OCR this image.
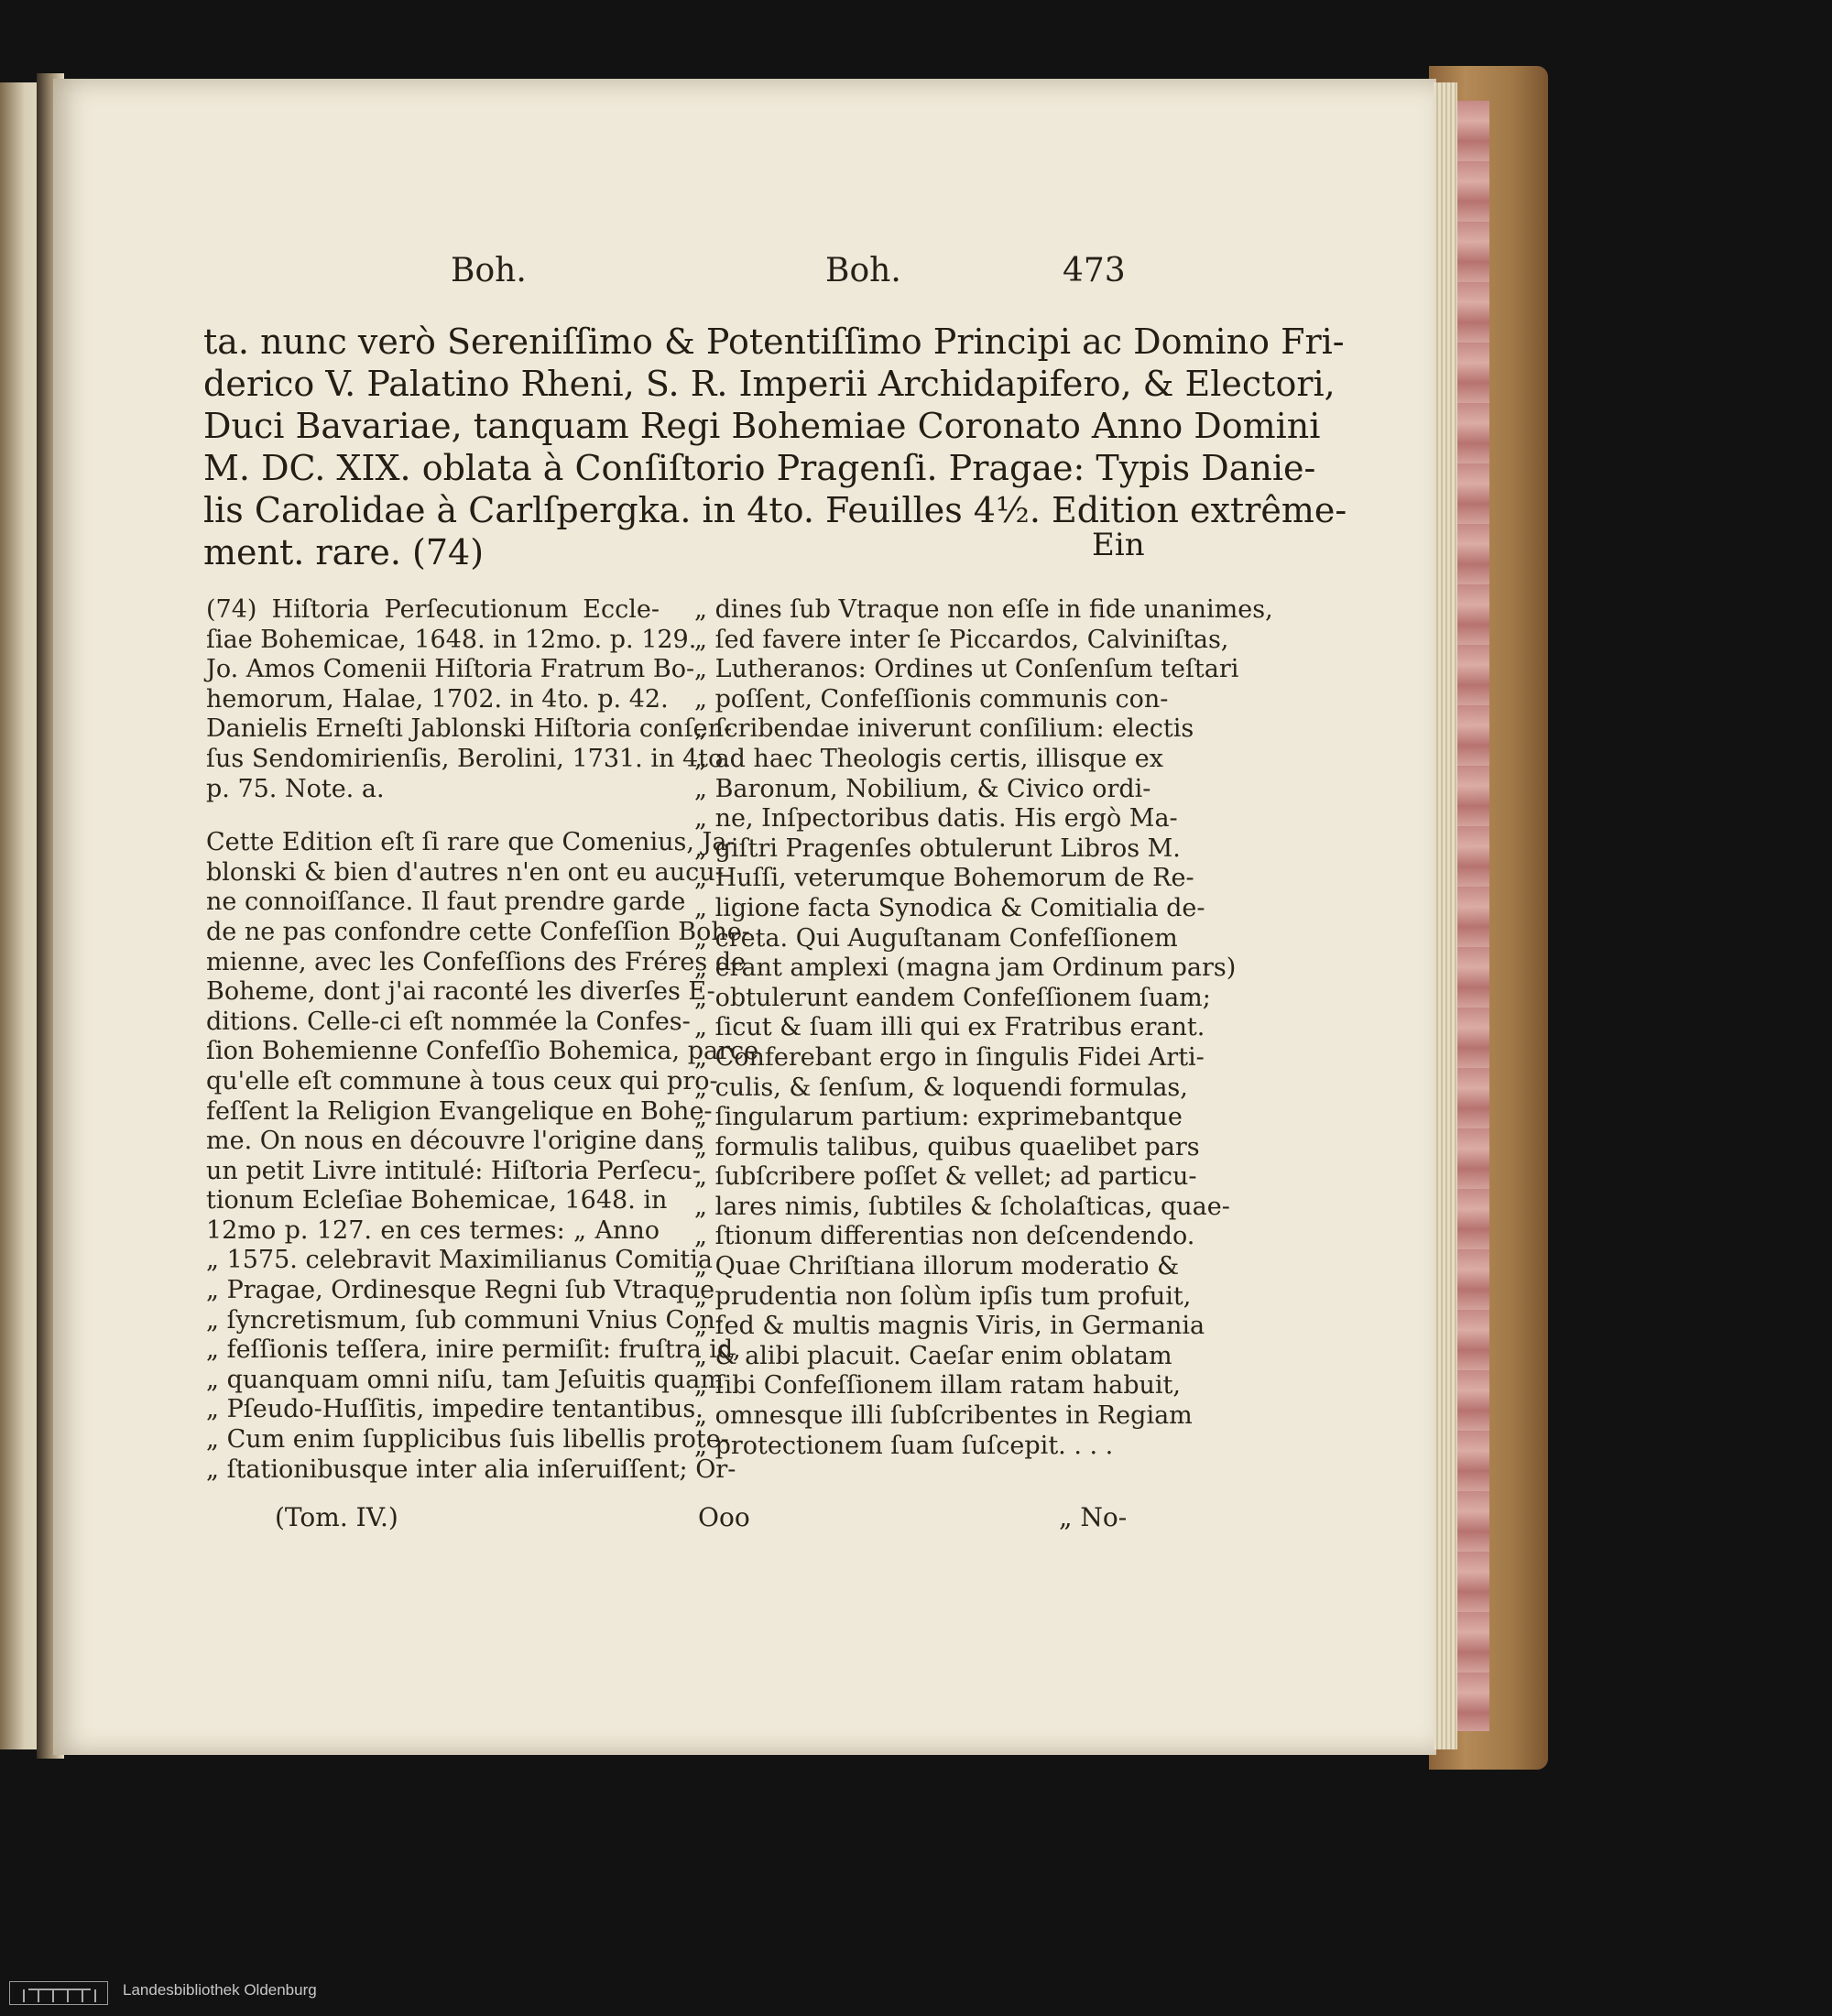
Boh.	Boh.	473
ta. nunc verò Sereniſſimo & Potentiſſimo Principi ac Domino Fri-
derico V. Palatino Rheni, S. R. Imperii Archidapifero, & Electori,
Duci Bavariae, tanquam Regi Bohemiae Coronato Anno Domini
M. DC. XIX. oblata à Conſiſtorio Pragenſi. Pragae: Typis Danie-
lis Carolidae à Carlſpergka. in 4to. Feuilles 4½. Edition extrême-
ment. rare. (74)	Ein
(74) Hiſtoria Perſecutionum Eccle-
ſiae Bohemicae, 1648. in 12mo. p. 129.
Jo. Amos Comenii Hiſtoria Fratrum Bo-
hemorum, Halae, 1702. in 4to. p. 42.
Danielis Erneſti Jablonski Hiſtoria conſen-
ſus Sendomirienſis, Berolini, 1731. in 4to.
p. 75. Note. a.
Cette Edition eſt ſi rare que Comenius, Ja-
blonski & bien d'autres n'en ont eu aucu-
ne connoiſſance. Il faut prendre garde
de ne pas confondre cette Confeſſion Bohe-
mienne, avec les Confeſſions des Fréres de
Boheme, dont j'ai raconté les diverſes E-
ditions. Celle-ci eſt nommée la Confes-
ſion Bohemienne Confeſſio Bohemica, parce
qu'elle eſt commune à tous ceux qui pro-
feſſent la Religion Evangelique en Bohe-
me. On nous en découvre l'origine dans
un petit Livre intitulé: Hiſtoria Perſecu-
tionum Ecleſiae Bohemicae, 1648. in
12mo p. 127. en ces termes: „ Anno
„ 1575. celebravit Maximilianus Comitia
„ Pragae, Ordinesque Regni ſub Vtraque
„ ſyncretismum, ſub communi Vnius Con-
„ feſſionis teſſera, inire permiſit: fruſtra id,
„ quanquam omni niſu, tam Jeſuitis quam
„ Pſeudo-Huſſitis, impedire tentantibus.
„ Cum enim ſupplicibus ſuis libellis prote-
„ ſtationibusque inter alia inſeruiſſent; Or-
„ dines ſub Vtraque non eſſe in fide unanimes,
„ ſed favere inter ſe Piccardos, Calviniſtas,
„ Lutheranos: Ordines ut Conſenſum teſtari
„ poſſent, Confeſſionis communis con-
„ ſcribendae iniverunt conſilium: electis
„ ad haec Theologis certis, illisque ex
„ Baronum, Nobilium, & Civico ordi-
„ ne, Inſpectoribus datis. His ergò Ma-
„ giſtri Pragenſes obtulerunt Libros M.
„ Huſſi, veterumque Bohemorum de Re-
„ ligione facta Synodica & Comitialia de-
„ creta. Qui Auguſtanam Confeſſionem
„ erant amplexi (magna jam Ordinum pars)
„ obtulerunt eandem Confeſſionem ſuam;
„ ſicut & ſuam illi qui ex Fratribus erant.
„ Conferebant ergo in ſingulis Fidei Arti-
„ culis, & ſenſum, & loquendi formulas,
„ ſingularum partium: exprimebantque
„ formulis talibus, quibus quaelibet pars
„ ſubſcribere poſſet & vellet; ad particu-
„ lares nimis, ſubtiles & ſcholaſticas, quae-
„ ſtionum differentias non deſcendendo.
„ Quae Chriſtiana illorum moderatio &
„ prudentia non ſolùm ipſis tum profuit,
„ ſed & multis magnis Viris, in Germania
„ & alibi placuit. Caeſar enim oblatam
„ ſibi Confeſſionem illam ratam habuit,
„ omnesque illi ſubſcribentes in Regiam
„ protectionem ſuam ſuſcepit. . . .
(Tom. IV.)	Ooo	„ No-
Landesbibliothek Oldenburg
